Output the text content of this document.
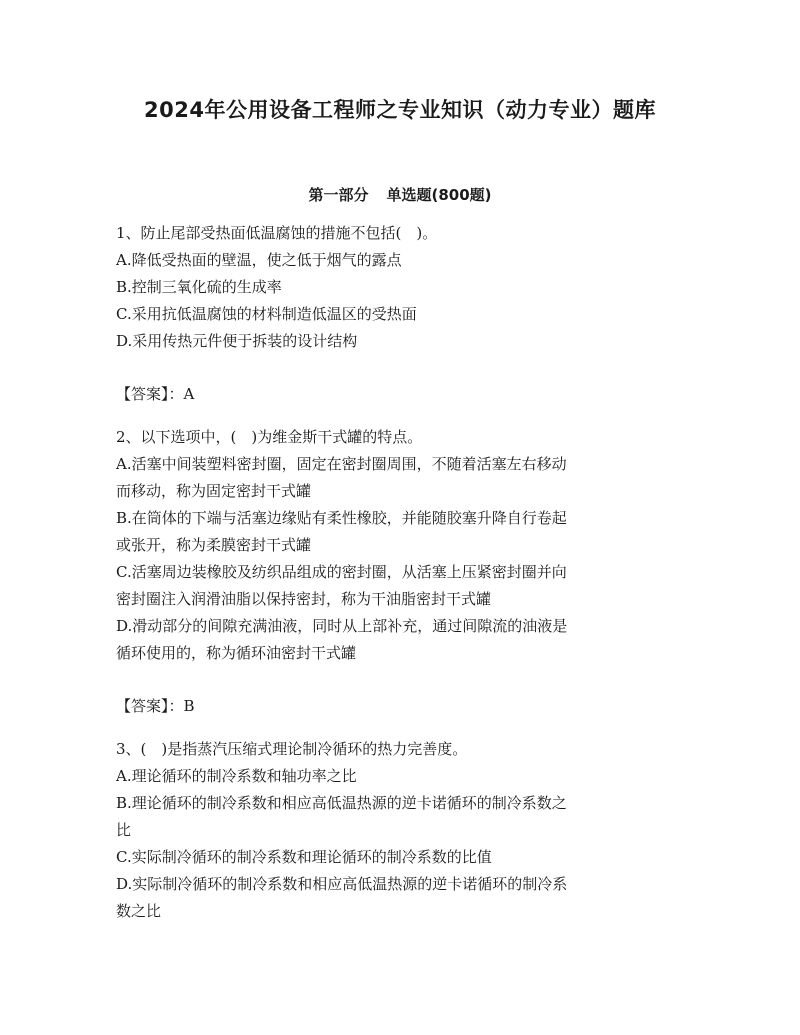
2024年公用设备工程师之专业知识（动力专业）题库
第一部分 单选题(800题)
1、防止尾部受热面低温腐蚀的措施不包括(　)。
A.降低受热面的壁温，使之低于烟气的露点
B.控制三氧化硫的生成率
C.采用抗低温腐蚀的材料制造低温区的受热面
D.采用传热元件便于拆装的设计结构
【答案】：A
2、以下选项中，(　)为维金斯干式罐的特点。
A.活塞中间装塑料密封圈，固定在密封圈周围，不随着活塞左右移动
而移动，称为固定密封干式罐
B.在筒体的下端与活塞边缘贴有柔性橡胶，并能随胶塞升降自行卷起
或张开，称为柔膜密封干式罐
C.活塞周边装橡胶及纺织品组成的密封圈，从活塞上压紧密封圈并向
密封圈注入润滑油脂以保持密封，称为干油脂密封干式罐
D.滑动部分的间隙充满油液，同时从上部补充，通过间隙流的油液是
循环使用的，称为循环油密封干式罐
【答案】：B
3、(　)是指蒸汽压缩式理论制冷循环的热力完善度。
A.理论循环的制冷系数和轴功率之比
B.理论循环的制冷系数和相应高低温热源的逆卡诺循环的制冷系数之
比
C.实际制冷循环的制冷系数和理论循环的制冷系数的比值
D.实际制冷循环的制冷系数和相应高低温热源的逆卡诺循环的制冷系
数之比
